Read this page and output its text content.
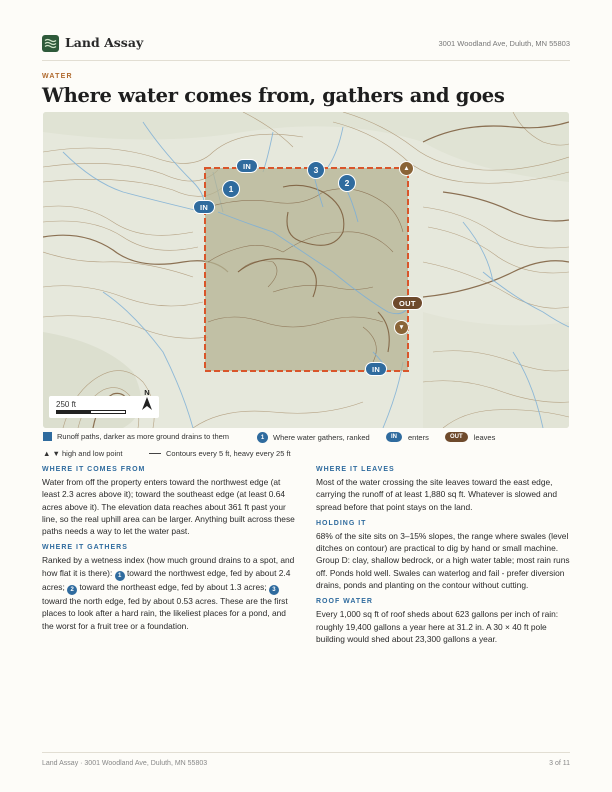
Land Assay	3001 Woodland Ave, Duluth, MN 55803
WATER
Where water comes from, gathers and goes
IN
IN
IN
1
2
3
OUT
▲
▼
250 ft
N
Runoff paths, darker as more ground drains to them	1	Where water gathers, ranked	IN	enters	OUT	leaves
▲ ▼ high and low point	Contours every 5 ft, heavy every 25 ft
WHERE IT COMES FROM

Water from off the property enters toward the northwest edge (at least 2.3 acres above it); toward the southeast edge (at least 0.64 acres above it). The elevation data reaches about 361 ft past your line, so the real uphill area can be larger. Anything built across these paths needs a way to let the water past.

WHERE IT GATHERS

Ranked by a wetness index (how much ground drains to a spot, and how flat it is there): 1 toward the northwest edge, fed by about 2.4 acres; 2 toward the northeast edge, fed by about 1.3 acres; 3 toward the north edge, fed by about 0.53 acres. These are the first places to look after a hard rain, the likeliest places for a pond, and the worst for a fruit tree or a foundation.

WHERE IT LEAVES

Most of the water crossing the site leaves toward the east edge, carrying the runoff of at least 1,880 sq ft. Whatever is slowed and spread before that point stays on the land.

HOLDING IT

68% of the site sits on 3–15% slopes, the range where swales (level ditches on contour) are practical to dig by hand or small machine. Group D: clay, shallow bedrock, or a high water table; most rain runs off. Ponds hold well. Swales can waterlog and fail - prefer diversion drains, ponds and planting on the contour without cutting.

ROOF WATER

Every 1,000 sq ft of roof sheds about 623 gallons per inch of rain: roughly 19,400 gallons a year here at 31.2 in. A 30 × 40 ft pole building would shed about 23,300 gallons a year.

Land Assay · 3001 Woodland Ave, Duluth, MN 55803	3 of 11
